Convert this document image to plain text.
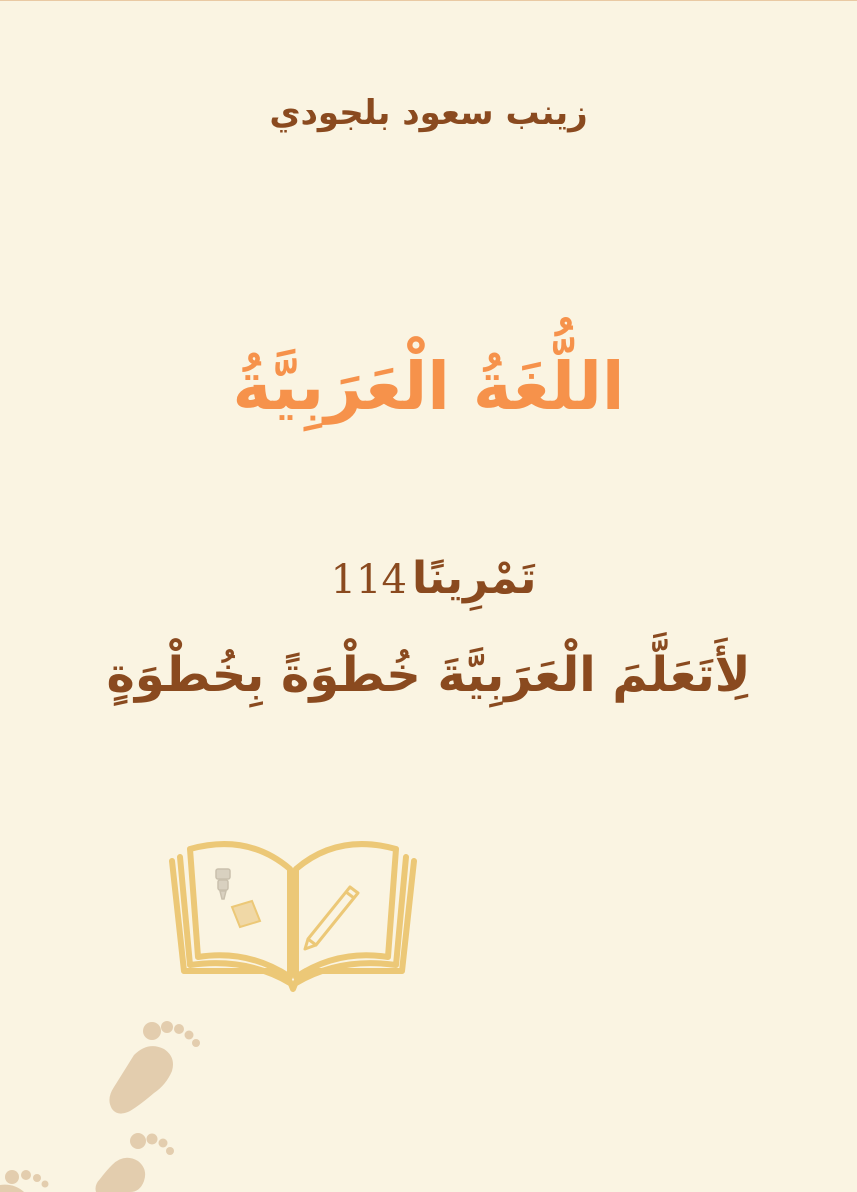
زينب سعود بلجودي
اللُّغَةُ الْعَرَبِيَّةُ
تَمْرِينًا 114
لِأَتَعَلَّمَ الْعَرَبِيَّةَ خُطْوَةً بِخُطْوَةٍ
